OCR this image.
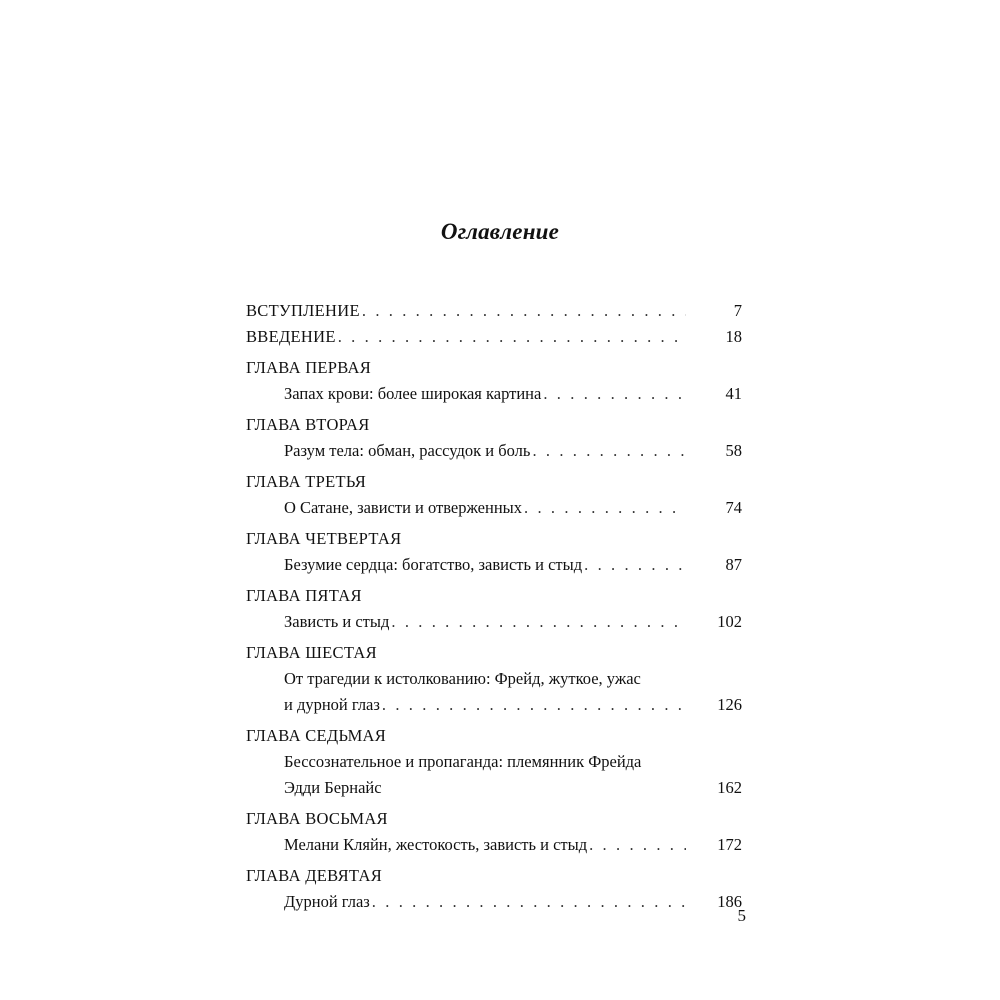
Оглавление
ВСТУПЛЕНИЕ . . .	7
ВВЕДЕНИЕ . . .	18
ГЛАВА ПЕРВАЯ
Запах крови: более широкая картина . . .	41
ГЛАВА ВТОРАЯ
Разум тела: обман, рассудок и боль . . .	58
ГЛАВА ТРЕТЬЯ
О Сатане, зависти и отверженных . . .	74
ГЛАВА ЧЕТВЕРТАЯ
Безумие сердца: богатство, зависть и стыд . . .	87
ГЛАВА ПЯТАЯ
Зависть и стыд . . .	102
ГЛАВА ШЕСТАЯ
От трагедии к истолкованию: Фрейд, жуткое, ужас
и дурной глаз . . .	126
ГЛАВА СЕДЬМАЯ
Бессознательное и пропаганда: племянник Фрейда
Эдди Бернайс	162
ГЛАВА ВОСЬМАЯ
Мелани Кляйн, жестокость, зависть и стыд . . .	172
ГЛАВА ДЕВЯТАЯ
Дурной глаз . . .	186
5
